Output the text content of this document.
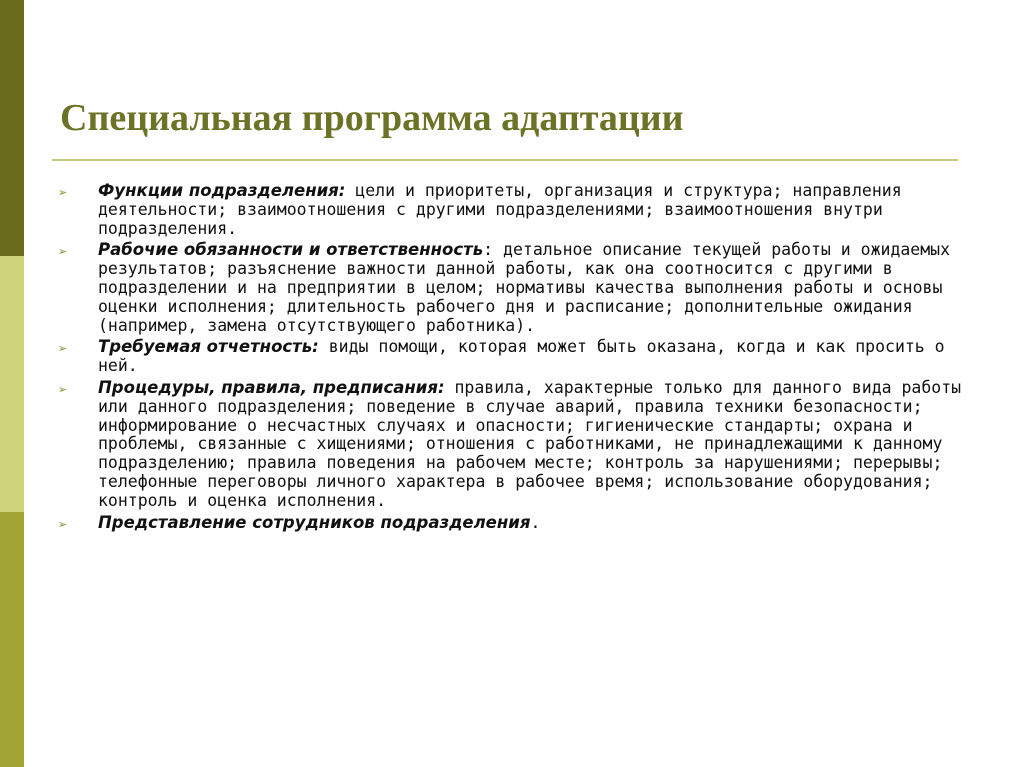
Специальная программа адаптации
➢ Функции подразделения: цели и приоритеты, организация и структура; направления деятельности; взаимоотношения с другими подразделениями; взаимоотношения внутри подразделения.
➢ Рабочие обязанности и ответственность: детальное описание текущей работы и ожидаемых результатов; разъяснение важности данной работы, как она соотносится с другими в подразделении и на предприятии в целом; нормативы качества выполнения работы и основы оценки исполнения; длительность рабочего дня и расписание; дополнительные ожидания (например, замена отсутствующего работника).
➢ Требуемая отчетность: виды помощи, которая может быть оказана, когда и как просить о ней.
➢ Процедуры, правила, предписания: правила, характерные только для данного вида работы или данного подразделения; поведение в случае аварий, правила техники безопасности; информирование о несчастных случаях и опасности; гигиенические стандарты; охрана и проблемы, связанные с хищениями; отношения с работниками, не принадлежащими к данному подразделению; правила поведения на рабочем месте; контроль за нарушениями; перерывы; телефонные переговоры личного характера в рабочее время; использование оборудования; контроль и оценка исполнения.
➢ Представление сотрудников подразделения.
